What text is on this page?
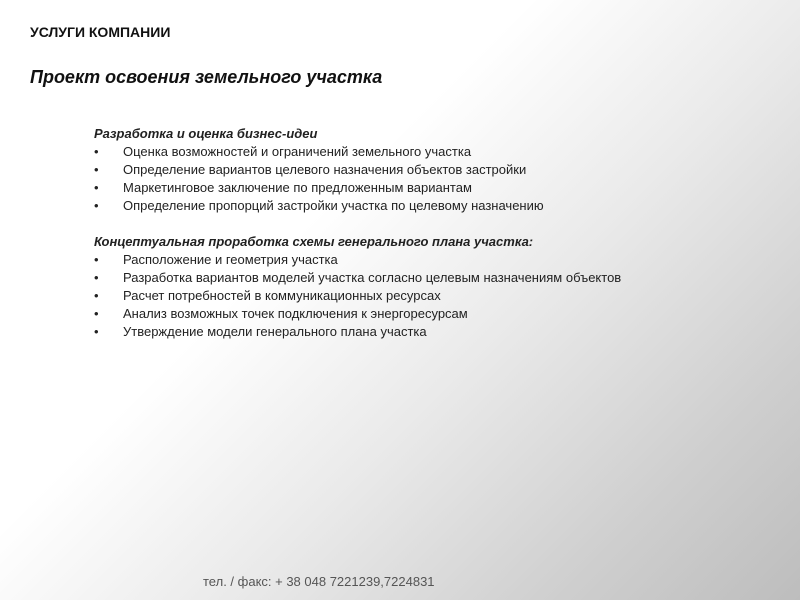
УСЛУГИ КОМПАНИИ
Проект освоения земельного участка

Разработка и оценка бизнес-идеи

• Оценка возможностей и ограничений земельного участка
• Определение вариантов целевого назначения объектов застройки
• Маркетинговое заключение по предложенным вариантам
• Определение пропорций застройки участка по целевому назначению

Концептуальная проработка схемы генерального плана участка:

• Расположение и геометрия участка
• Разработка вариантов моделей участка согласно целевым назначениям объектов
• Расчет потребностей в коммуникационных ресурсах
• Анализ возможных точек подключения к энергоресурсам
• Утверждение модели генерального плана участка
тел. / факс: + 38 048 7221239,7224831
